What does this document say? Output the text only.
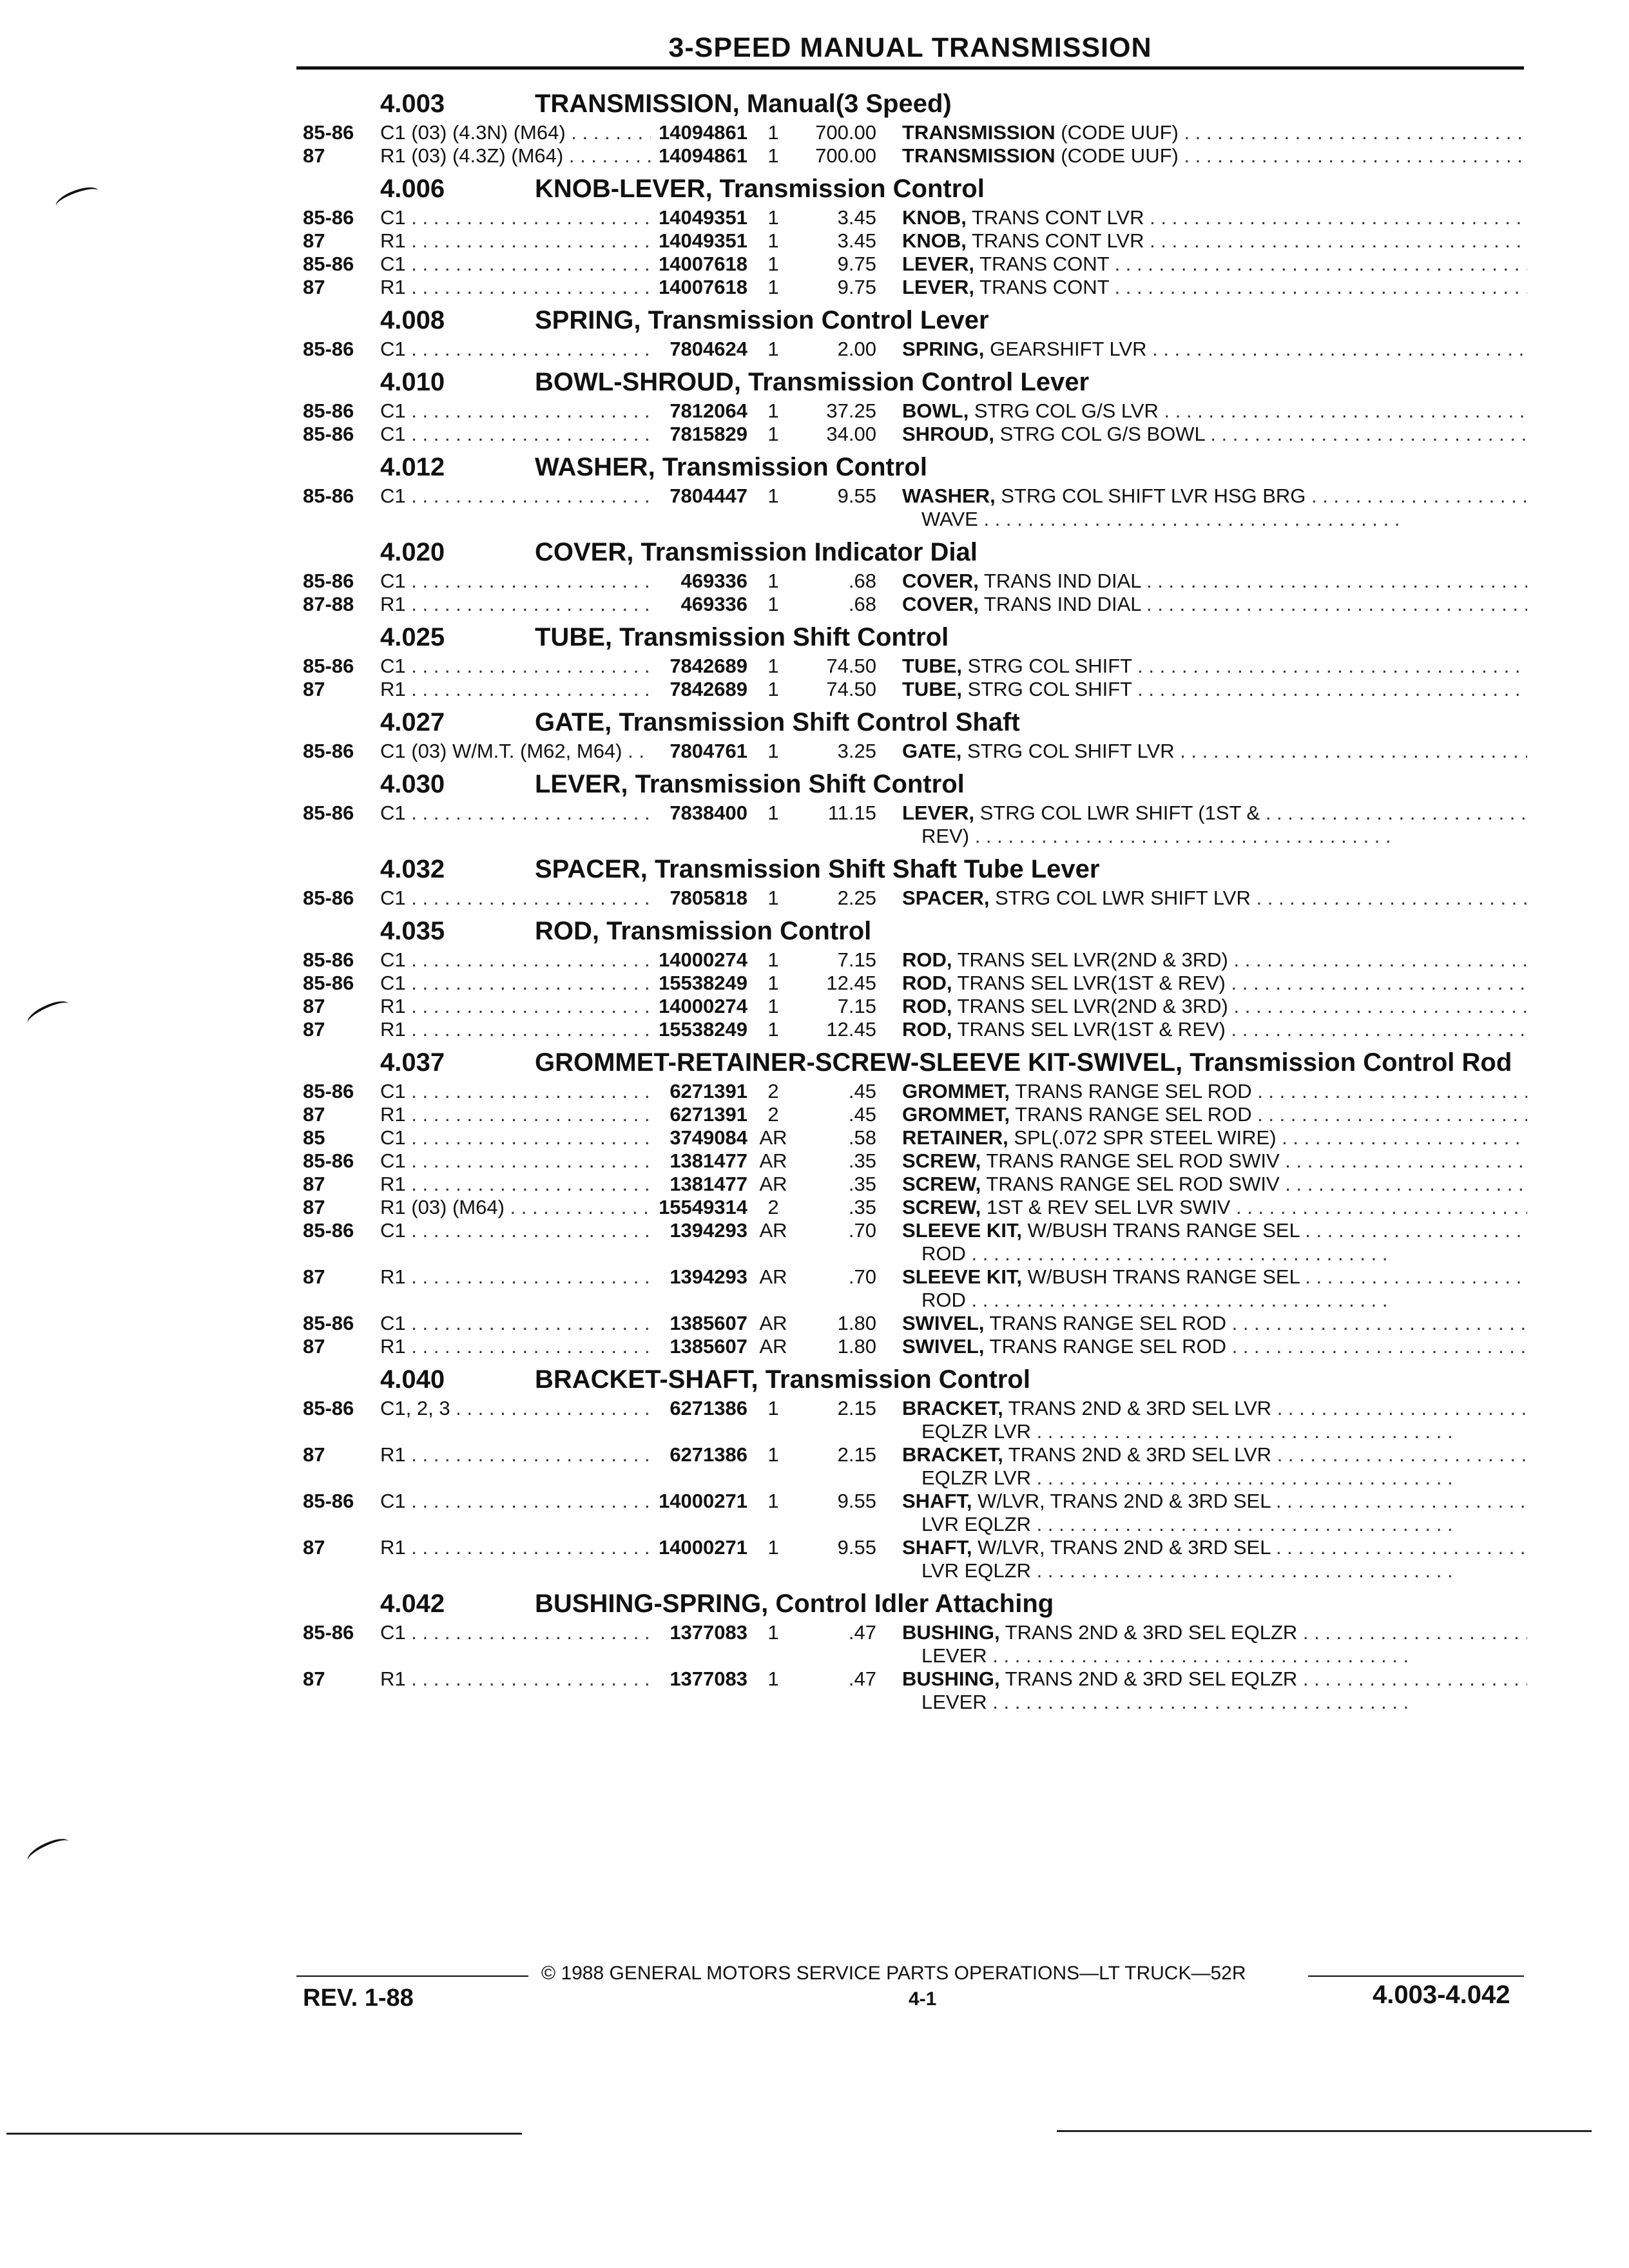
3-SPEED MANUAL TRANSMISSION
4.003	TRANSMISSION, Manual(3 Speed)
85-86	C1 (03) (4.3N) (M64) . . .	14094861	1	700.00 TRANSMISSION (CODE UUF) . . .
87	R1 (03) (4.3Z) (M64) . . .	14094861	1	700.00 TRANSMISSION (CODE UUF) . . .
4.006	KNOB-LEVER, Transmission Control
85-86	C1 . . .	14049351	1	3.45 KNOB, TRANS CONT LVR . . .
87	R1 . . .	14049351	1	3.45 KNOB, TRANS CONT LVR . . .
85-86	C1 . . .	14007618	1	9.75 LEVER, TRANS CONT . . .
87	R1 . . .	14007618	1	9.75 LEVER, TRANS CONT . . .
4.008	SPRING, Transmission Control Lever
85-86	C1 . . .	7804624	1	2.00 SPRING, GEARSHIFT LVR . . .
4.010	BOWL-SHROUD, Transmission Control Lever
85-86	C1 . . .	7812064	1	37.25 BOWL, STRG COL G/S LVR . . .
85-86	C1 . . .	7815829	1	34.00 SHROUD, STRG COL G/S BOWL . . .
4.012	WASHER, Transmission Control
85-86	C1 . . .	7804447	1	9.55 WASHER, STRG COL SHIFT LVR HSG BRG . . .
WAVE . . .
4.020	COVER, Transmission Indicator Dial
85-86	C1 . . .	469336	1	.68 COVER, TRANS IND DIAL . . .
87-88	R1 . . .	469336	1	.68 COVER, TRANS IND DIAL . . .
4.025	TUBE, Transmission Shift Control
85-86	C1 . . .	7842689	1	74.50 TUBE, STRG COL SHIFT . . .
87	R1 . . .	7842689	1	74.50 TUBE, STRG COL SHIFT . . .
4.027	GATE, Transmission Shift Control Shaft
85-86	C1 (03) W/M.T. (M62, M64) . . .	7804761	1	3.25 GATE, STRG COL SHIFT LVR . . .
4.030	LEVER, Transmission Shift Control
85-86	C1 . . .	7838400	1	11.15 LEVER, STRG COL LWR SHIFT (1ST & . . .
REV) . . .
4.032	SPACER, Transmission Shift Shaft Tube Lever
85-86	C1 . . .	7805818	1	2.25 SPACER, STRG COL LWR SHIFT LVR . . .
4.035	ROD, Transmission Control
85-86	C1 . . .	14000274	1	7.15 ROD, TRANS SEL LVR(2ND & 3RD) . . .
85-86	C1 . . .	15538249	1	12.45 ROD, TRANS SEL LVR(1ST & REV) . . .
87	R1 . . .	14000274	1	7.15 ROD, TRANS SEL LVR(2ND & 3RD) . . .
87	R1 . . .	15538249	1	12.45 ROD, TRANS SEL LVR(1ST & REV) . . .
4.037	GROMMET-RETAINER-SCREW-SLEEVE KIT-SWIVEL, Transmission Control Rod
85-86	C1 . . .	6271391	2	.45 GROMMET, TRANS RANGE SEL ROD . . .
87	R1 . . .	6271391	2	.45 GROMMET, TRANS RANGE SEL ROD . . .
85	C1 . . .	3749084 AR	.58 RETAINER, SPL(.072 SPR STEEL WIRE) . . .
85-86	C1 . . .	1381477 AR	.35 SCREW, TRANS RANGE SEL ROD SWIV . . .
87	R1 . . .	1381477 AR	.35 SCREW, TRANS RANGE SEL ROD SWIV . . .
87	R1 (03) (M64) . . .	15549314	2	.35 SCREW, 1ST & REV SEL LVR SWIV . . .
85-86	C1 . . .	1394293 AR	.70 SLEEVE KIT, W/BUSH TRANS RANGE SEL . . .
ROD . . .
87	R1 . . .	1394293 AR	.70 SLEEVE KIT, W/BUSH TRANS RANGE SEL . . .
ROD . . .
85-86	C1 . . .	1385607 AR	1.80 SWIVEL, TRANS RANGE SEL ROD . . .
87	R1 . . .	1385607 AR	1.80 SWIVEL, TRANS RANGE SEL ROD . . .
4.040	BRACKET-SHAFT, Transmission Control
85-86	C1, 2, 3 . . .	6271386	1	2.15 BRACKET, TRANS 2ND & 3RD SEL LVR . . .
EQLZR LVR . . .
87	R1 . . .	6271386	1	2.15 BRACKET, TRANS 2ND & 3RD SEL LVR . . .
EQLZR LVR . . .
85-86	C1 . . .	14000271	1	9.55 SHAFT, W/LVR, TRANS 2ND & 3RD SEL . . .
LVR EQLZR . . .
87	R1 . . .	14000271	1	9.55 SHAFT, W/LVR, TRANS 2ND & 3RD SEL . . .
LVR EQLZR . . .
4.042	BUSHING-SPRING, Control Idler Attaching
85-86	C1 . . .	1377083	1	.47 BUSHING, TRANS 2ND & 3RD SEL EQLZR . . .
LEVER . . .
87	R1 . . .	1377083	1	.47 BUSHING, TRANS 2ND & 3RD SEL EQLZR . . .
LEVER . . .
© 1988 GENERAL MOTORS SERVICE PARTS OPERATIONS—LT TRUCK—52R
REV. 1-88	4-1	4.003-4.042
